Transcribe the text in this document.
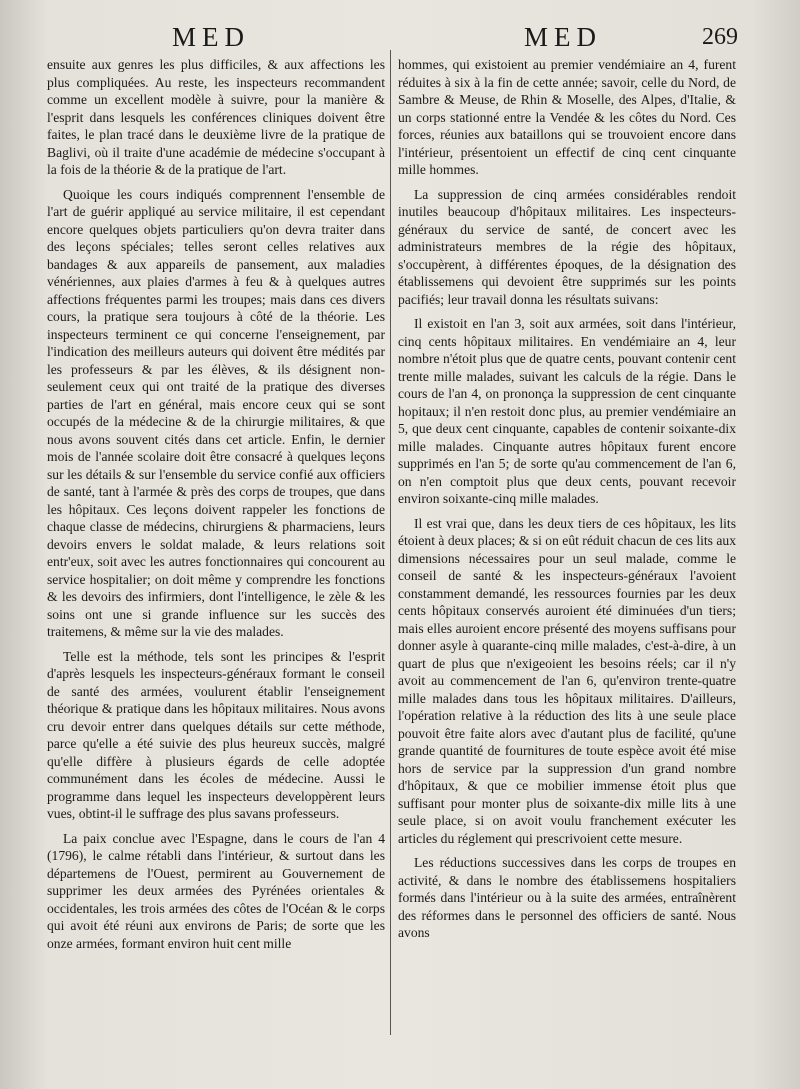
MED	MED	269

ensuite aux genres les plus difficiles, & aux affections les plus compliquées. Au reste, les inspecteurs recommandent comme un excellent modèle à suivre, pour la manière & l'esprit dans lesquels les conférences cliniques doivent être faites, le plan tracé dans le deuxième livre de la pratique de Baglivi, où il traite d'une académie de médecine s'occupant à la fois de la théorie & de la pratique de l'art.

Quoique les cours indiqués comprennent l'ensemble de l'art de guérir appliqué au service militaire, il est cependant encore quelques objets particuliers qu'on devra traiter dans des leçons spéciales; telles seront celles relatives aux bandages & aux appareils de pansement, aux maladies vénériennes, aux plaies d'armes à feu & à quelques autres affections fréquentes parmi les troupes; mais dans ces divers cours, la pratique sera toujours à côté de la théorie. Les inspecteurs terminent ce qui concerne l'enseignement, par l'indication des meilleurs auteurs qui doivent être médités par les professeurs & par les élèves, & ils désignent non-seulement ceux qui ont traité de la pratique des diverses parties de l'art en général, mais encore ceux qui se sont occupés de la médecine & de la chirurgie militaires, & que nous avons souvent cités dans cet article. Enfin, le dernier mois de l'année scolaire doit être consacré à quelques leçons sur les détails & sur l'ensemble du service confié aux officiers de santé, tant à l'armée & près des corps de troupes, que dans les hôpitaux. Ces leçons doivent rappeler les fonctions de chaque classe de médecins, chirurgiens & pharmaciens, leurs devoirs envers le soldat malade, & leurs relations soit entr'eux, soit avec les autres fonctionnaires qui concourent au service hospitalier; on doit même y comprendre les fonctions & les devoirs des infirmiers, dont l'intelligence, le zèle & les soins ont une si grande influence sur les succès des traitemens, & même sur la vie des malades.

Telle est la méthode, tels sont les principes & l'esprit d'après lesquels les inspecteurs-généraux formant le conseil de santé des armées, voulurent établir l'enseignement théorique & pratique dans les hôpitaux militaires. Nous avons cru devoir entrer dans quelques détails sur cette méthode, parce qu'elle a été suivie des plus heureux succès, malgré qu'elle diffère à plusieurs égards de celle adoptée communément dans les écoles de médecine. Aussi le programme dans lequel les inspecteurs developpèrent leurs vues, obtint-il le suffrage des plus savans professeurs.

La paix conclue avec l'Espagne, dans le cours de l'an 4 (1796), le calme rétabli dans l'intérieur, & surtout dans les départemens de l'Ouest, permirent au Gouvernement de supprimer les deux armées des Pyrénées orientales & occidentales, les trois armées des côtes de l'Océan & le corps qui avoit été réuni aux environs de Paris; de sorte que les onze armées, formant environ huit cent mille

hommes, qui existoient au premier vendémiaire an 4, furent réduites à six à la fin de cette année; savoir, celle du Nord, de Sambre & Meuse, de Rhin & Moselle, des Alpes, d'Italie, & un corps stationné entre la Vendée & les côtes du Nord. Ces forces, réunies aux bataillons qui se trouvoient encore dans l'intérieur, présentoient un effectif de cinq cent cinquante mille hommes.

La suppression de cinq armées considérables rendoit inutiles beaucoup d'hôpitaux militaires. Les inspecteurs-généraux du service de santé, de concert avec les administrateurs membres de la régie des hôpitaux, s'occupèrent, à différentes époques, de la désignation des établissemens qui devoient être supprimés sur les points pacifiés; leur travail donna les résultats suivans:

Il existoit en l'an 3, soit aux armées, soit dans l'intérieur, cinq cents hôpitaux militaires. En vendémiaire an 4, leur nombre n'étoit plus que de quatre cents, pouvant contenir cent trente mille malades, suivant les calculs de la régie. Dans le cours de l'an 4, on prononça la suppression de cent cinquante hopitaux; il n'en restoit donc plus, au premier vendémiaire an 5, que deux cent cinquante, capables de contenir soixante-dix mille malades. Cinquante autres hôpitaux furent encore supprimés en l'an 5; de sorte qu'au commencement de l'an 6, on n'en comptoit plus que deux cents, pouvant recevoir environ soixante-cinq mille malades.

Il est vrai que, dans les deux tiers de ces hôpitaux, les lits étoient à deux places; & si on eût réduit chacun de ces lits aux dimensions nécessaires pour un seul malade, comme le conseil de santé & les inspecteurs-généraux l'avoient constamment demandé, les ressources fournies par les deux cents hôpitaux conservés auroient été diminuées d'un tiers; mais elles auroient encore présenté des moyens suffisans pour donner asyle à quarante-cinq mille malades, c'est-à-dire, à un quart de plus que n'exigeoient les besoins réels; car il n'y avoit au commencement de l'an 6, qu'environ trente-quatre mille malades dans tous les hôpitaux militaires. D'ailleurs, l'opération relative à la réduction des lits à une seule place pouvoit être faite alors avec d'autant plus de facilité, qu'une grande quantité de fournitures de toute espèce avoit été mise hors de service par la suppression d'un grand nombre d'hôpitaux, & que ce mobilier immense étoit plus que suffisant pour monter plus de soixante-dix mille lits à une seule place, si on avoit voulu franchement exécuter les articles du réglement qui prescrivoient cette mesure.

Les réductions successives dans les corps de troupes en activité, & dans le nombre des établissemens hospitaliers formés dans l'intérieur ou à la suite des armées, entraînèrent des réformes dans le personnel des officiers de santé. Nous avons
